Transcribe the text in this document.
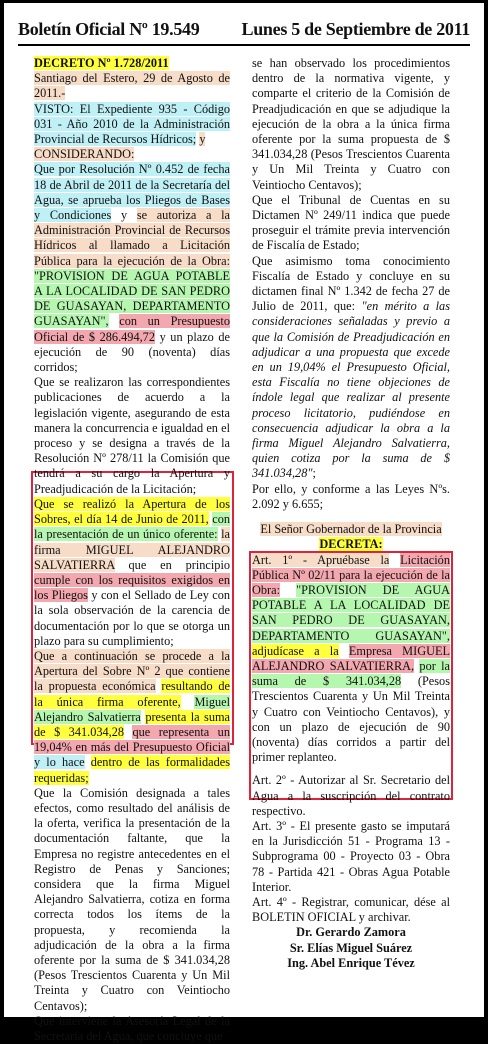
Boletín Oficial Nº 19.549 Lunes 5 de Septiembre de 2011

DECRETO Nº 1.728/2011

Santiago del Estero, 29 de Agosto de 2011.-

VISTO: El Expediente 935 - Código 031 - Año 2010 de la Administración Provincial de Recursos Hídricos; y

CONSIDERANDO:

Que por Resolución Nº 0.452 de fecha 18 de Abril de 2011 de la Secretaría del Agua, se aprueba los Pliegos de Bases y Condiciones y se autoriza a la Administración Provincial de Recursos Hídricos al llamado a Licitación Pública para la ejecución de la Obra: "PROVISION DE AGUA POTABLE A LA LOCALIDAD DE SAN PEDRO DE GUASAYAN, DEPARTAMENTO GUASAYAN", con un Presupuesto Oficial de $ 286.494,72 y un plazo de ejecución de 90 (noventa) días corridos;

Que se realizaron las correspondientes publicaciones de acuerdo a la legislación vigente, asegurando de esta manera la concurrencia e igualdad en el proceso y se designa a través de la Resolución Nº 278/11 la Comisión que tendrá a su cargo la Apertura y Preadjudicación de la Licitación;

Que se realizó la Apertura de los Sobres, el día 14 de Junio de 2011, con la presentación de un único oferente: la firma MIGUEL ALEJANDRO SALVATIERRA que en principio cumple con los requisitos exigidos en los Pliegos y con el Sellado de Ley con la sola observación de la carencia de documentación por lo que se otorga un plazo para su cumplimiento;

Que a continuación se procede a la Apertura del Sobre Nº 2 que contiene la propuesta económica resultando de la única firma oferente, Miguel Alejandro Salvatierra presenta la suma de $ 341.034,28 que representa un 19,04% en más del Presupuesto Oficial y lo hace dentro de las formalidades requeridas;

Que la Comisión designada a tales efectos, como resultado del análisis de la oferta, verifica la presentación de la documentación faltante, que la Empresa no registre antecedentes en el Registro de Penas y Sanciones; considera que la firma Miguel Alejandro Salvatierra, cotiza en forma correcta todos los ítems de la propuesta, y recomienda la adjudicación de la obra a la firma oferente por la suma de $ 341.034,28 (Pesos Trescientos Cuarenta y Un Mil Treinta y Cuatro con Veintiocho Centavos);

Que interviene la Asesoría Legal de la Secretaría del Agua, que concluye que

se han observado los procedimientos dentro de la normativa vigente, y comparte el criterio de la Comisión de Preadjudicación en que se adjudique la ejecución de la obra a la única firma oferente por la suma propuesta de $ 341.034,28 (Pesos Trescientos Cuarenta y Un Mil Treinta y Cuatro con Veintiocho Centavos);

Que el Tribunal de Cuentas en su Dictamen Nº 249/11 indica que puede proseguir el trámite previa intervención de Fiscalía de Estado;

Que asimismo toma conocimiento Fiscalía de Estado y concluye en su dictamen final Nº 1.342 de fecha 27 de Julio de 2011, que: "en mérito a las consideraciones señaladas y previo a que la Comisión de Preadjudicación en adjudicar a una propuesta que excede en un 19,04% el Presupuesto Oficial, esta Fiscalía no tiene objeciones de índole legal que realizar al presente proceso licitatorio, pudiéndose en consecuencia adjudicar la obra a la firma Miguel Alejandro Salvatierra, quien cotiza por la suma de $ 341.034,28";

Por ello, y conforme a las Leyes Nºs. 2.092 y 6.655;

El Señor Gobernador de la Provincia

DECRETA:

Art. 1º - Apruébase la Licitación Pública Nº 02/11 para la ejecución de la Obra: "PROVISION DE AGUA POTABLE A LA LOCALIDAD DE SAN PEDRO DE GUASAYAN, DEPARTAMENTO GUASAYAN", adjudícase a la Empresa MIGUEL ALEJANDRO SALVATIERRA, por la suma de $ 341.034,28 (Pesos Trescientos Cuarenta y Un Mil Treinta y Cuatro con Veintiocho Centavos), y con un plazo de ejecución de 90 (noventa) días corridos a partir del primer replanteo.

Art. 2º - Autorizar al Sr. Secretario del Agua a la suscripción del contrato respectivo.

Art. 3º - El presente gasto se imputará en la Jurisdicción 51 - Programa 13 - Subprograma 00 - Proyecto 03 - Obra 78 - Partida 421 - Obras Agua Potable Interior.

Art. 4º - Registrar, comunicar, dése al BOLETIN OFICIAL y archivar.

Dr. Gerardo Zamora

Sr. Elías Miguel Suárez

Ing. Abel Enrique Tévez
